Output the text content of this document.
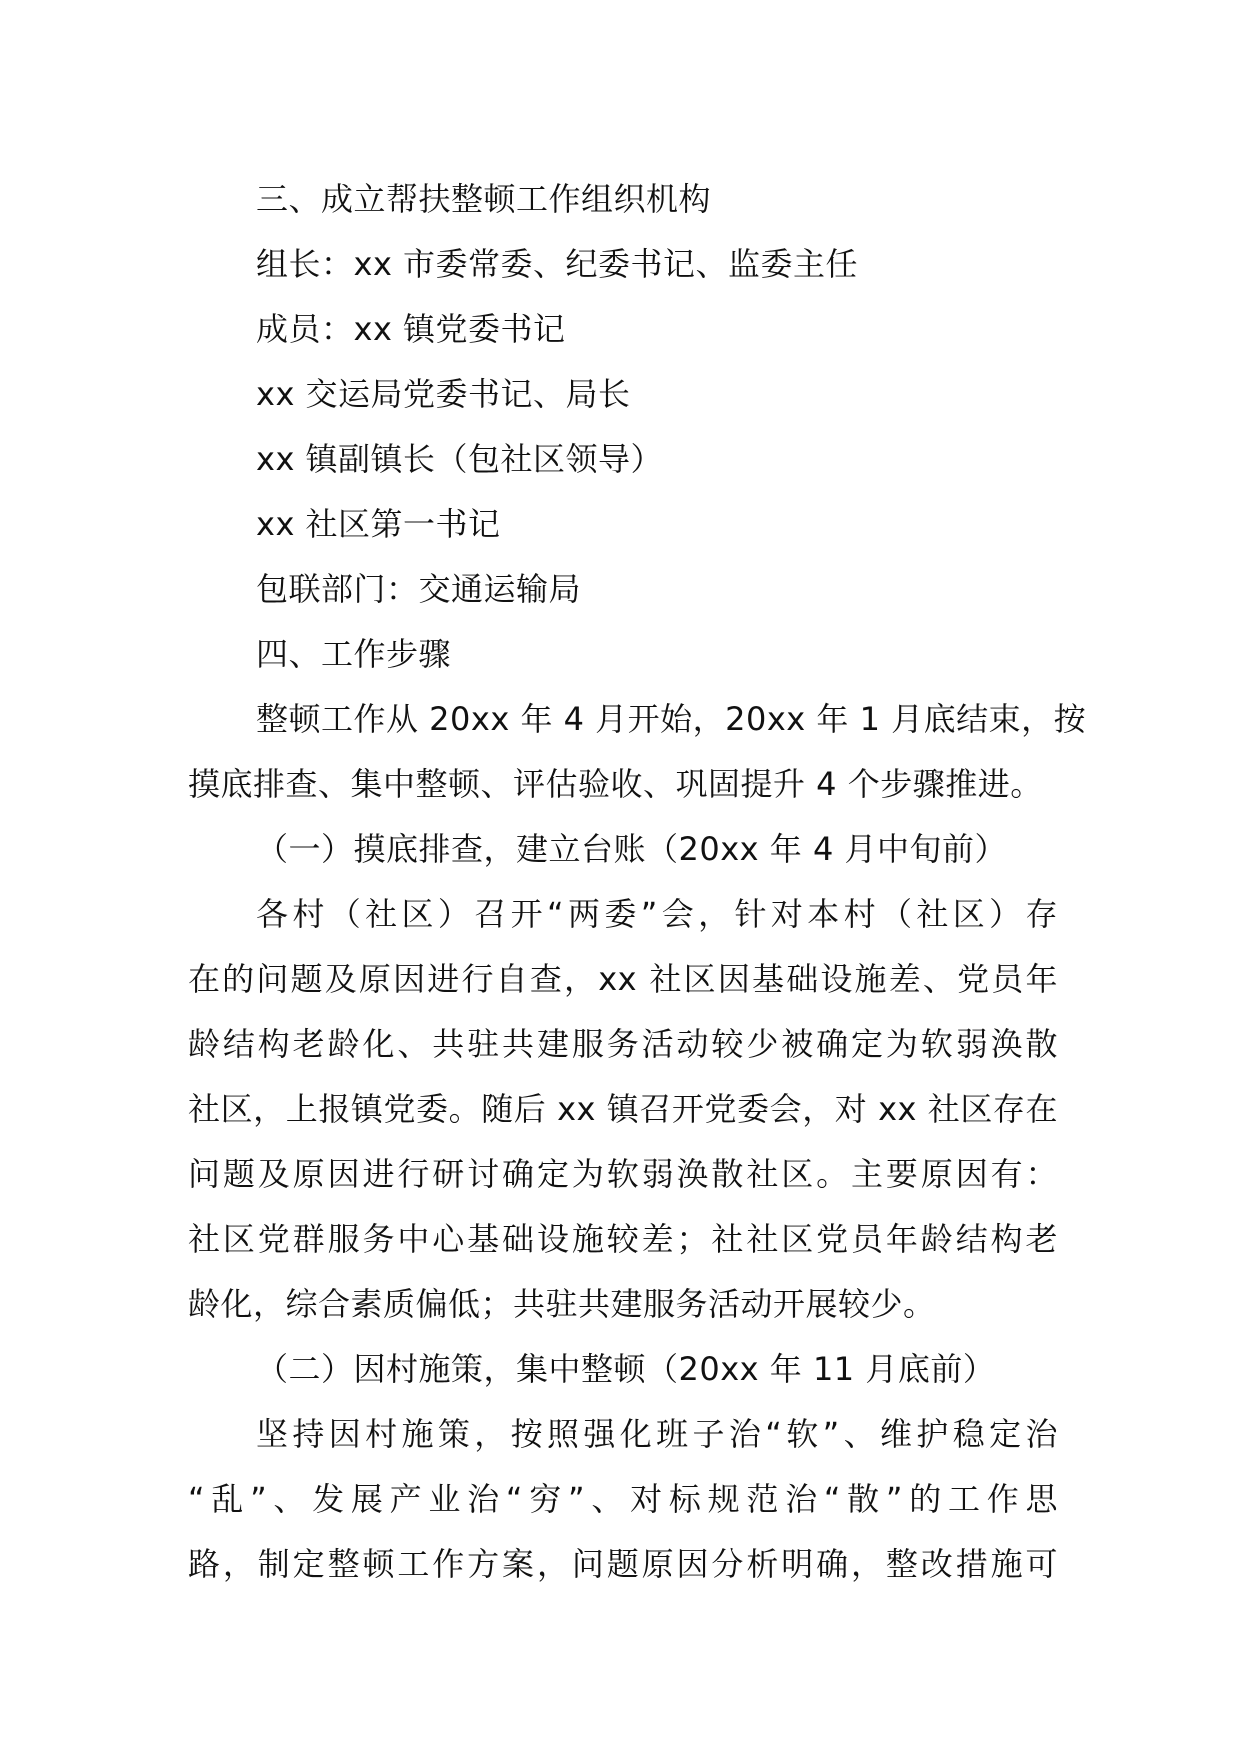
三、成立帮扶整顿工作组织机构
组长：xx 市委常委、纪委书记、监委主任
成员：xx 镇党委书记
xx 交运局党委书记、局长
xx 镇副镇长（包社区领导）
xx 社区第一书记
包联部门：交通运输局
四、工作步骤
整顿工作从 20xx 年 4 月开始，20xx 年 1 月底结束，按
摸底排查、集中整顿、评估验收、巩固提升 4 个步骤推进。
（一）摸底排查，建立台账（20xx 年 4 月中旬前）
各村（社区）召开“两委”会，针对本村（社区）存
在的问题及原因进行自查，xx 社区因基础设施差、党员年
龄结构老龄化、共驻共建服务活动较少被确定为软弱涣散
社区，上报镇党委。随后 xx 镇召开党委会，对 xx 社区存在
问题及原因进行研讨确定为软弱涣散社区。主要原因有：
社区党群服务中心基础设施较差；社社区党员年龄结构老
龄化，综合素质偏低；共驻共建服务活动开展较少。
（二）因村施策，集中整顿（20xx 年 11 月底前）
坚持因村施策，按照强化班子治“软”、维护稳定治
“乱”、发展产业治“穷”、对标规范治“散”的工作思
路，制定整顿工作方案，问题原因分析明确，整改措施可
